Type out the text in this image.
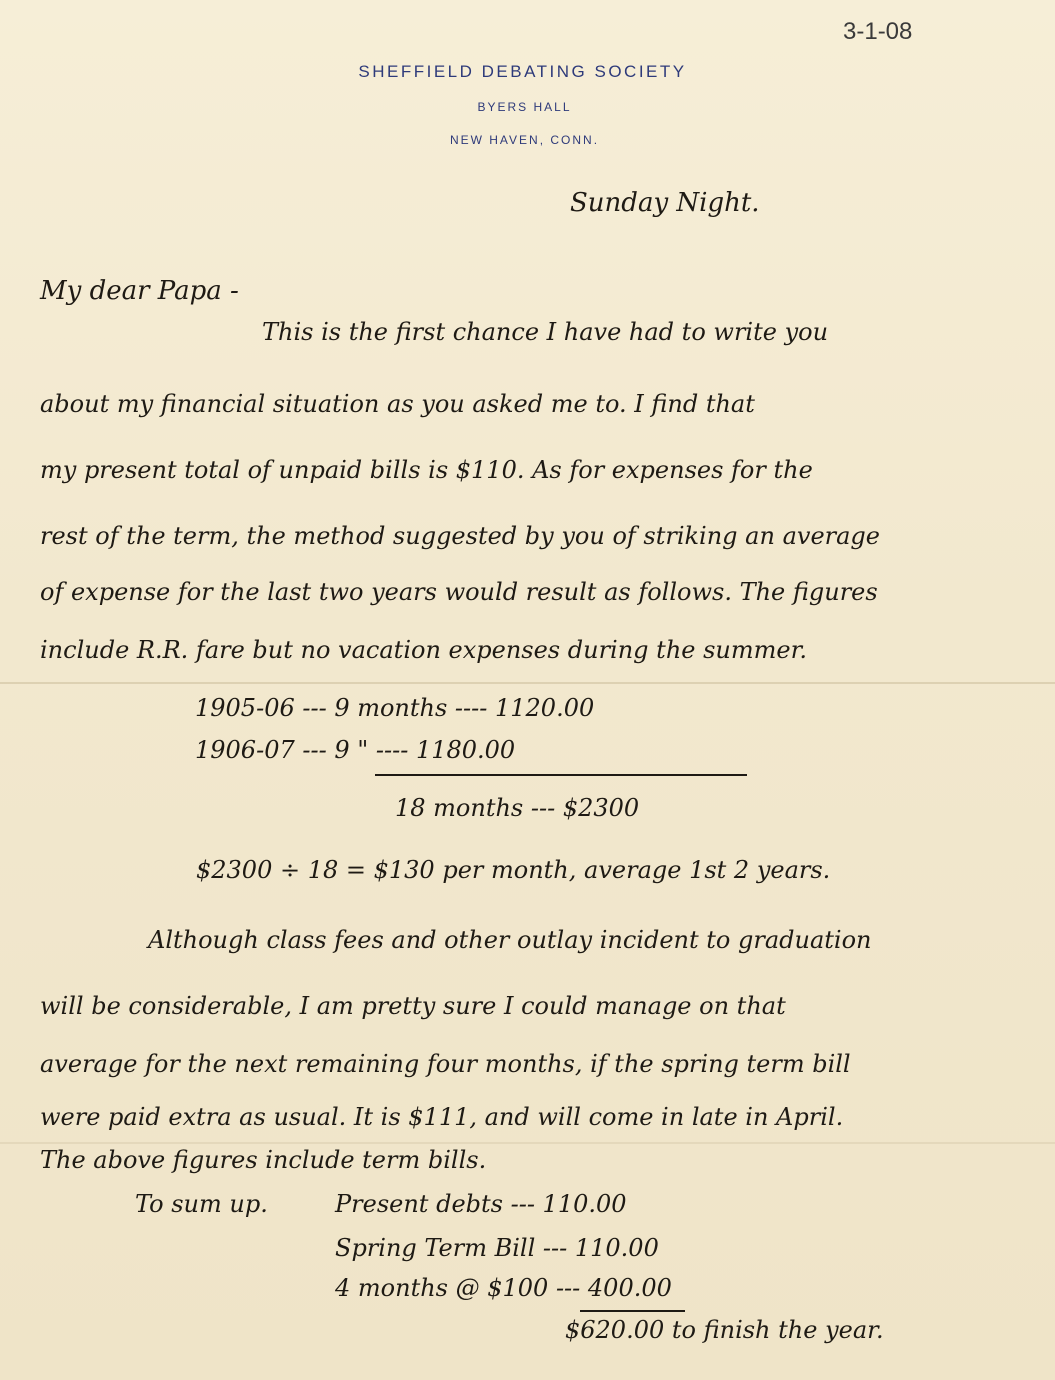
3-1-08

SHEFFIELD DEBATING SOCIETY

BYERS HALL

NEW HAVEN, CONN.

Sunday Night.

My dear Papa -

This is the first chance I have had to write you

about my financial situation as you asked me to. I find that

my present total of unpaid bills is $110. As for expenses for the

rest of the term, the method suggested by you of striking an average

of expense for the last two years would result as follows. The figures

include R.R. fare but no vacation expenses during the summer.

1905-06 --- 9 months ---- 1120.00

1906-07 --- 9 " ---- 1180.00

18 months --- $2300

$2300 ÷ 18 = $130 per month, average 1st 2 years.

Although class fees and other outlay incident to graduation

will be considerable, I am pretty sure I could manage on that

average for the next remaining four months, if the spring term bill

were paid extra as usual. It is $111, and will come in late in April.

The above figures include term bills.

To sum up.	Present debts --- 110.00

Spring Term Bill --- 110.00

4 months @ $100 --- 400.00

$620.00 to finish the year.
